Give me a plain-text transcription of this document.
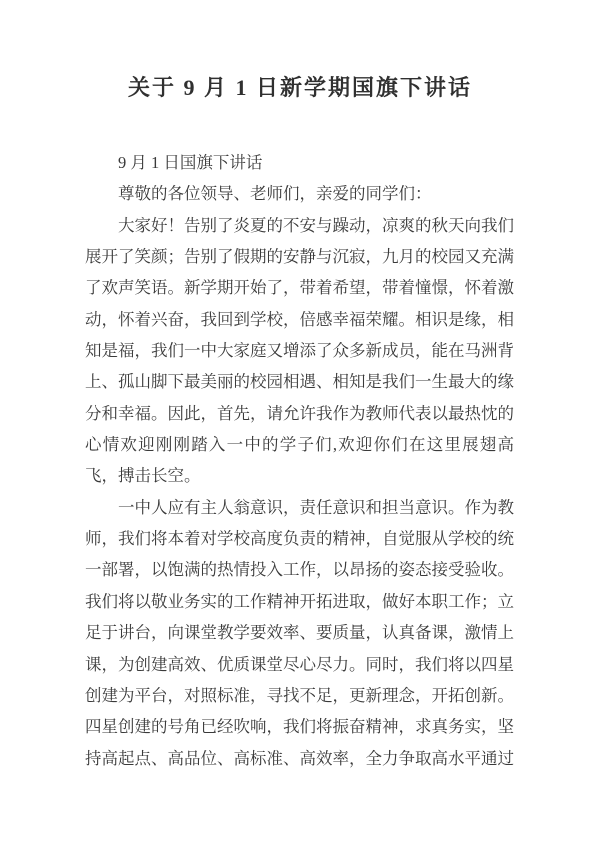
关于 9 月 1 日新学期国旗下讲话

9 月 1 日国旗下讲话

尊敬的各位领导、老师们，亲爱的同学们：

大家好！告别了炎夏的不安与躁动，凉爽的秋天向我们展开了笑颜；告别了假期的安静与沉寂，九月的校园又充满了欢声笑语。新学期开始了，带着希望，带着憧憬，怀着激动，怀着兴奋，我回到学校，倍感幸福荣耀。相识是缘，相知是福，我们一中大家庭又增添了众多新成员，能在马洲背上、孤山脚下最美丽的校园相遇、相知是我们一生最大的缘分和幸福。因此，首先，请允许我作为教师代表以最热忱的心情欢迎刚刚踏入一中的学子们,欢迎你们在这里展翅高飞，搏击长空。

一中人应有主人翁意识，责任意识和担当意识。作为教师，我们将本着对学校高度负责的精神，自觉服从学校的统一部署，以饱满的热情投入工作，以昂扬的姿态接受验收。我们将以敬业务实的工作精神开拓进取，做好本职工作；立足于讲台，向课堂教学要效率、要质量，认真备课，激情上课，为创建高效、优质课堂尽心尽力。同时，我们将以四星创建为平台，对照标准，寻找不足，更新理念，开拓创新。四星创建的号角已经吹响，我们将振奋精神，求真务实，坚持高起点、高品位、高标准、高效率，全力争取高水平通过
